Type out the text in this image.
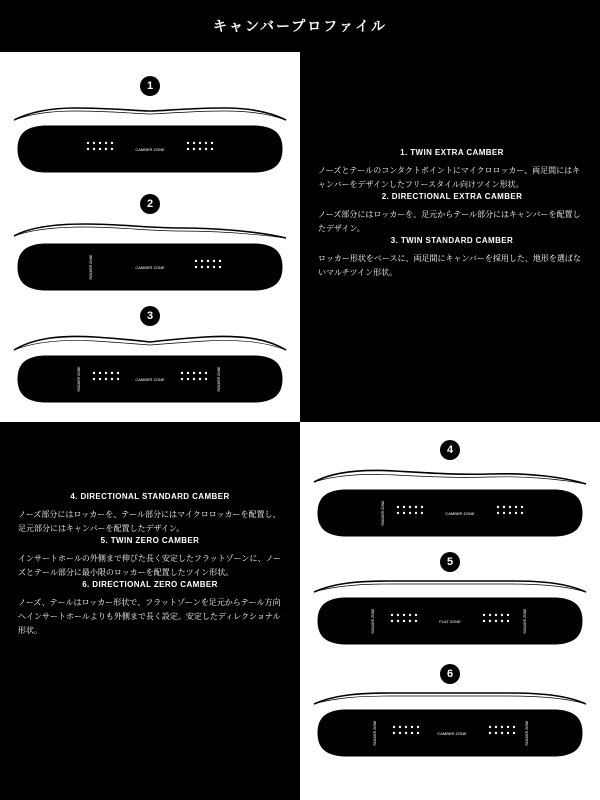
キャンバープロファイル
1
ROCKER ZONE	ROCKER ZONE
CAMBER ZONE
2
ROCKER ZONE	CAMBER ZONE
3
ROCKER ZONE	ROCKER ZONE
CAMBER ZONE

1. TWIN EXTRA CAMBER

ノーズとテールのコンタクトポイントにマイクロロッカー、両足間にはキャンバーをデザインしたフリースタイル向けツイン形状。

2. DIRECTIONAL EXTRA CAMBER

ノーズ部分にはロッカーを、足元からテール部分にはキャンバーを配置したデザイン。

3. TWIN STANDARD CAMBER

ロッカー形状をベースに、両足間にキャンバーを採用した、地形を選ばないマルチツイン形状。

4. DIRECTIONAL STANDARD CAMBER

ノーズ部分にはロッカーを、テール部分にはマイクロロッカーを配置し、足元部分にはキャンバーを配置したデザイン。

5. TWIN ZERO CAMBER

インサートホールの外側まで伸びた長く安定したフラットゾーンに、ノーズとテール部分に最小限のロッカーを配置したツイン形状。

6. DIRECTIONAL ZERO CAMBER

ノーズ、テールはロッカー形状で、フラットゾーンを足元からテール方向へインサートホールよりも外側まで長く設定。安定したディレクショナル形状。

4
ROCKER ZONE	ROCKER ZONE
CAMBER ZONE
5
ROCKER ZONE	ROCKER ZONE
FLAT ZONE
6
ROCKER ZONE	ROCKER ZONE
CAMBER ZONE
